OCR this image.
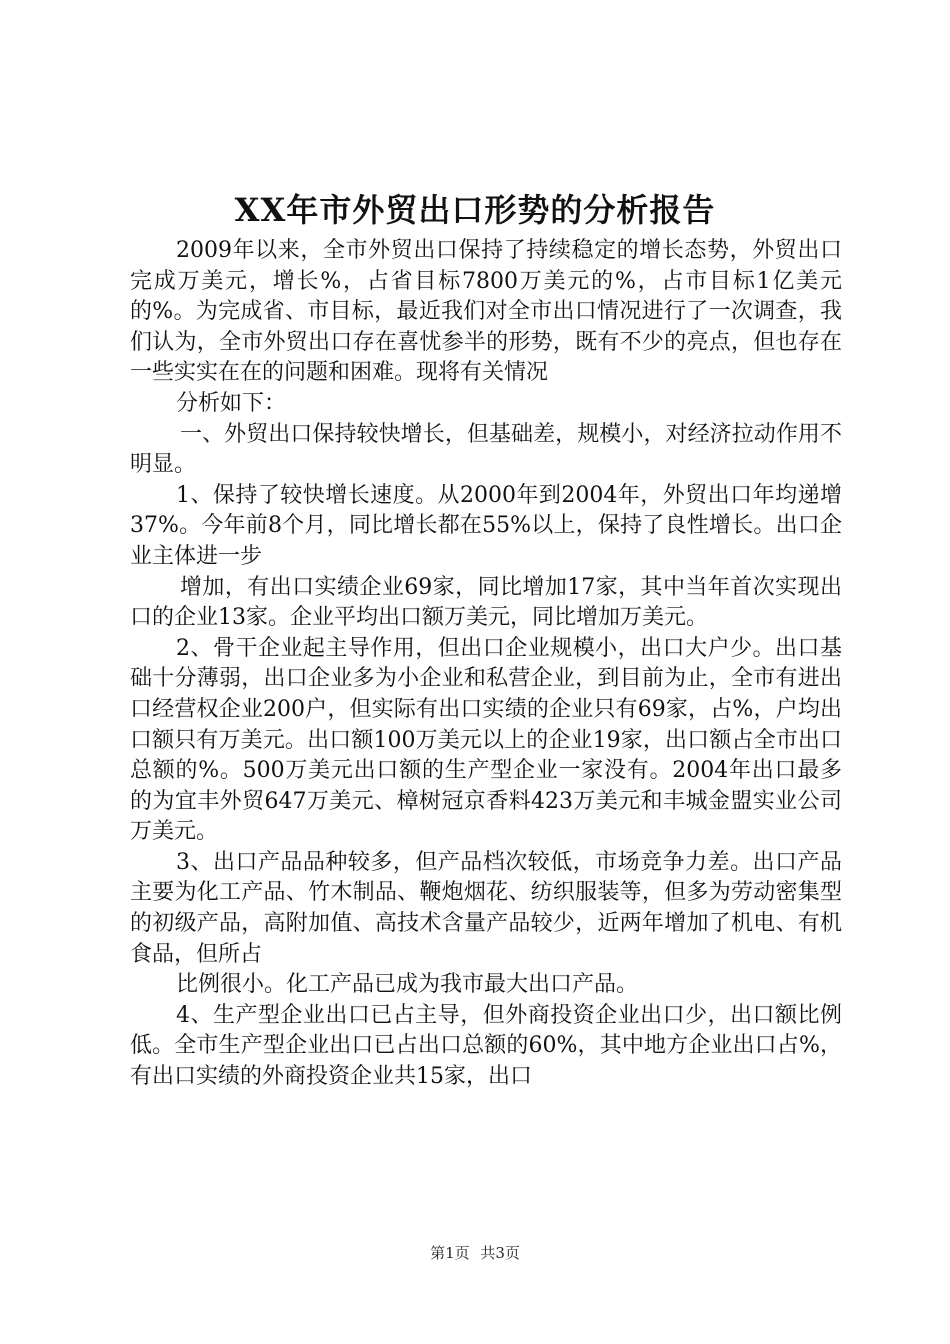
XX年市外贸出口形势的分析报告

2009年以来，全市外贸出口保持了持续稳定的增长态势，外贸出口完成万美元，增长%，占省目标7800万美元的%，占市目标1亿美元的%。为完成省、市目标，最近我们对全市出口情况进行了一次调查，我们认为，全市外贸出口存在喜忧参半的形势，既有不少的亮点，但也存在一些实实在在的问题和困难。现将有关情况

分析如下：

一、外贸出口保持较快增长，但基础差，规模小，对经济拉动作用不明显。

1、保持了较快增长速度。从2000年到2004年，外贸出口年均递增37%。今年前8个月，同比增长都在55%以上，保持了良性增长。出口企业主体进一步

增加，有出口实绩企业69家，同比增加17家，其中当年首次实现出口的企业13家。企业平均出口额万美元，同比增加万美元。

2、骨干企业起主导作用，但出口企业规模小，出口大户少。出口基础十分薄弱，出口企业多为小企业和私营企业，到目前为止，全市有进出口经营权企业200户，但实际有出口实绩的企业只有69家，占%，户均出口额只有万美元。出口额100万美元以上的企业19家，出口额占全市出口总额的%。500万美元出口额的生产型企业一家没有。2004年出口最多的为宜丰外贸647万美元、樟树冠京香料423万美元和丰城金盟实业公司万美元。

3、出口产品品种较多，但产品档次较低，市场竞争力差。出口产品主要为化工产品、竹木制品、鞭炮烟花、纺织服装等，但多为劳动密集型的初级产品，高附加值、高技术含量产品较少，近两年增加了机电、有机食品，但所占

比例很小。化工产品已成为我市最大出口产品。

4、生产型企业出口已占主导，但外商投资企业出口少，出口额比例低。全市生产型企业出口已占出口总额的60%，其中地方企业出口占%，有出口实绩的外商投资企业共15家，出口

第1页 共3页
